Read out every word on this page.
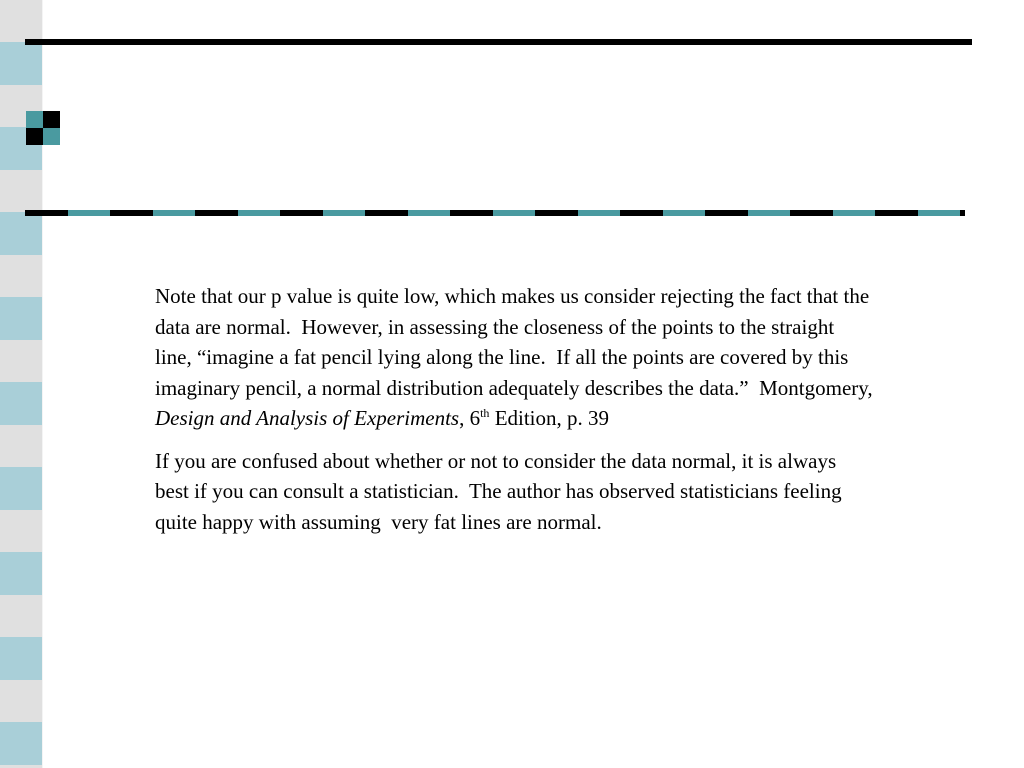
Note that our p value is quite low, which makes us consider rejecting the fact that the data are normal.  However, in assessing the closeness of the points to the straight line, “imagine a fat pencil lying along the line.  If all the points are covered by this imaginary pencil, a normal distribution adequately describes the data.”  Montgomery, Design and Analysis of Experiments, 6th Edition, p. 39

If you are confused about whether or not to consider the data normal, it is always best if you can consult a statistician.  The author has observed statisticians feeling quite happy with assuming  very fat lines are normal.
